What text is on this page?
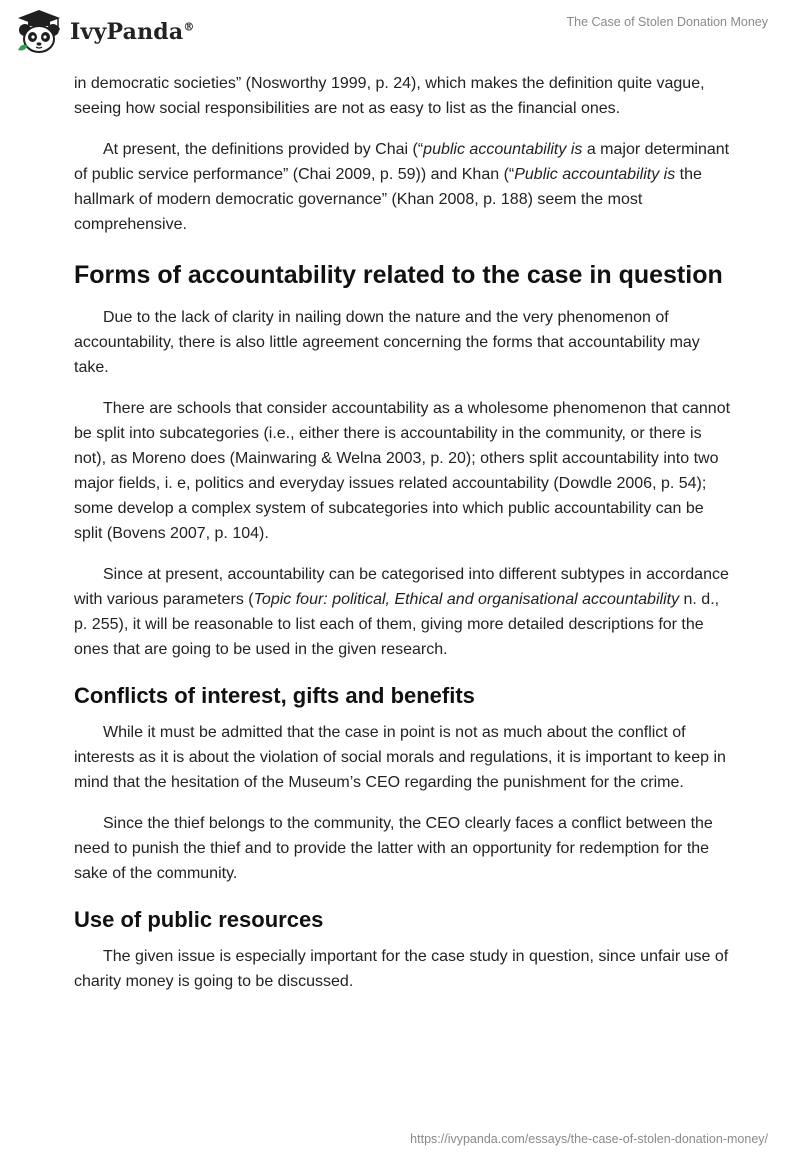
IvyPanda®	The Case of Stolen Donation Money

in democratic societies” (Nosworthy 1999, p. 24), which makes the definition quite vague, seeing how social responsibilities are not as easy to list as the financial ones.

At present, the definitions provided by Chai (“public accountability is a major determinant of public service performance” (Chai 2009, p. 59)) and Khan (“Public accountability is the hallmark of modern democratic governance” (Khan 2008, p. 188) seem the most comprehensive.

Forms of accountability related to the case in question

Due to the lack of clarity in nailing down the nature and the very phenomenon of accountability, there is also little agreement concerning the forms that accountability may take.

There are schools that consider accountability as a wholesome phenomenon that cannot be split into subcategories (i.e., either there is accountability in the community, or there is not), as Moreno does (Mainwaring & Welna 2003, p. 20); others split accountability into two major fields, i. e, politics and everyday issues related accountability (Dowdle 2006, p. 54); some develop a complex system of subcategories into which public accountability can be split (Bovens 2007, p. 104).

Since at present, accountability can be categorised into different subtypes in accordance with various parameters (Topic four: political, Ethical and organisational accountability n. d., p. 255), it will be reasonable to list each of them, giving more detailed descriptions for the ones that are going to be used in the given research.

Conflicts of interest, gifts and benefits

While it must be admitted that the case in point is not as much about the conflict of interests as it is about the violation of social morals and regulations, it is important to keep in mind that the hesitation of the Museum’s CEO regarding the punishment for the crime.

Since the thief belongs to the community, the CEO clearly faces a conflict between the need to punish the thief and to provide the latter with an opportunity for redemption for the sake of the community.

Use of public resources

The given issue is especially important for the case study in question, since unfair use of charity money is going to be discussed.

https://ivypanda.com/essays/the-case-of-stolen-donation-money/
